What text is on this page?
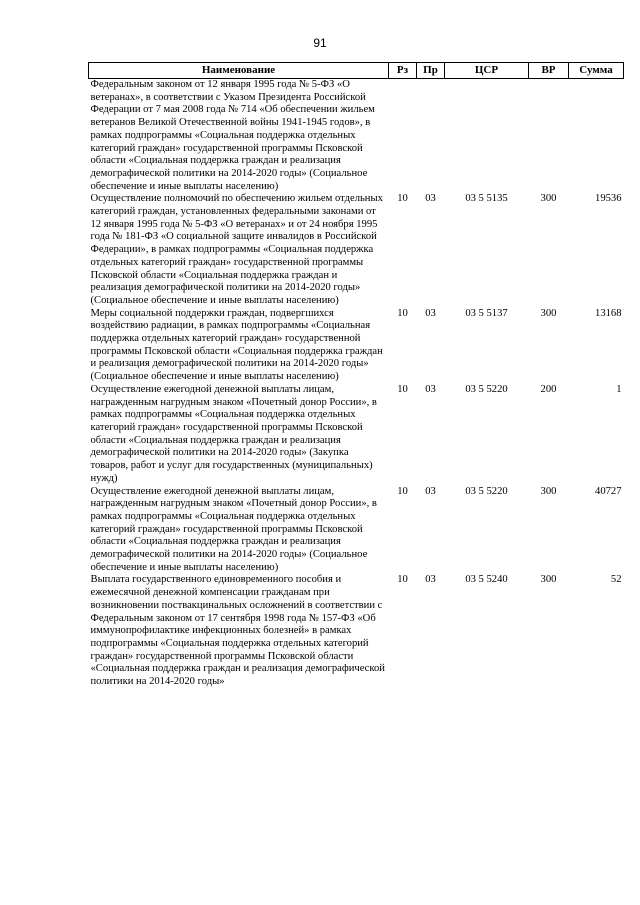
91
Наименование	Рз	Пр	ЦСР	ВР	Сумма
Федеральным законом от 12 января 1995 года № 5-ФЗ «О ветеранах», в соответствии с Указом Президента Российской Федерации от 7 мая 2008 года № 714 «Об обеспечении жильем ветеранов Великой Отечественной войны 1941-1945 годов», в рамках подпрограммы «Социальная поддержка отдельных категорий граждан» государственной программы Псковской области «Социальная поддержка граждан и реализация демографической политики на 2014-2020 годы» (Социальное обеспечение и иные выплаты населению)					
Осуществление полномочий по обеспечению жильем отдельных категорий граждан, установленных федеральными законами от 12 января 1995 года № 5-ФЗ «О ветеранах» и от 24 ноября 1995 года № 181-ФЗ «О социальной защите инвалидов в Российской Федерации», в рамках подпрограммы «Социальная поддержка отдельных категорий граждан» государственной программы Псковской области «Социальная поддержка граждан и реализация демографической политики на 2014-2020 годы» (Социальное обеспечение и иные выплаты населению)	10	03	03 5 5135	300	19536
Меры социальной поддержки граждан, подвергшихся воздействию радиации, в рамках подпрограммы «Социальная поддержка отдельных категорий граждан» государственной программы Псковской области «Социальная поддержка граждан и реализация демографической политики на 2014-2020 годы» (Социальное обеспечение и иные выплаты населению)	10	03	03 5 5137	300	13168
Осуществление ежегодной денежной выплаты лицам, награжденным нагрудным знаком «Почетный донор России», в рамках подпрограммы «Социальная поддержка отдельных категорий граждан» государственной программы Псковской области «Социальная поддержка граждан и реализация демографической политики на 2014-2020 годы» (Закупка товаров, работ и услуг для государственных (муниципальных) нужд)	10	03	03 5 5220	200	1
Осуществление ежегодной денежной выплаты лицам, награжденным нагрудным знаком «Почетный донор России», в рамках подпрограммы «Социальная поддержка отдельных категорий граждан» государственной программы Псковской области «Социальная поддержка граждан и реализация демографической политики на 2014-2020 годы» (Социальное обеспечение и иные выплаты населению)	10	03	03 5 5220	300	40727
Выплата государственного единовременного пособия и ежемесячной денежной компенсации гражданам при возникновении поствакцинальных осложнений в соответствии с Федеральным законом от 17 сентября 1998 года № 157-ФЗ «Об иммунопрофилактике инфекционных болезней» в рамках подпрограммы «Социальная поддержка отдельных категорий граждан» государственной программы Псковской области «Социальная поддержка граждан и реализация демографической политики на 2014-2020 годы»	10	03	03 5 5240	300	52
